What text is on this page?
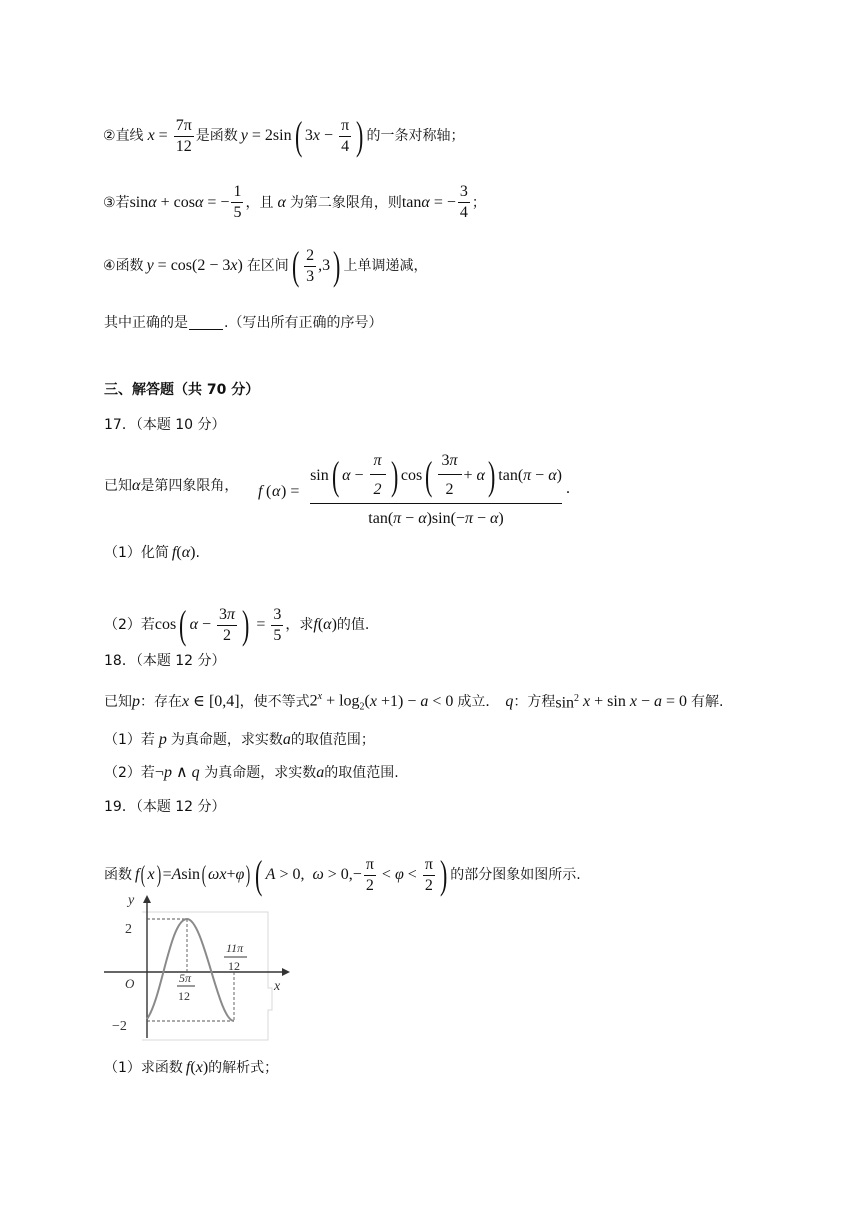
② 直线 $x = \frac{7\pi}{12}$ 是函数 y = 2sin ( 3 $x - \frac{\pi}{4}$ ) 的一条对称轴；
③ 若 sin α + cos α = − $\frac{1}{5}$ ，且 α 为第二象限角，则 tan α = − $\frac{3}{4}$ ；
④ 函数 y = cos(2 − 3 x ) 在区间 ( $\frac{2}{3} ,3$ ) 上单调递减，
其中正确的是	.（写出所有正确的序号）
三、解答题（共 70 分）
17．（本题 10 分）
已知 α 是第四象限角， f ( α ) = $\frac{\sin ( \alpha - \frac{\pi}{2} ) \cos ( \frac{3 \pi}{2} + \alpha ) \tan( \pi - \alpha )}{\tan(\pi - \alpha)\sin(-\pi - \alpha)}$ .
（1）化简 f ( α ) .
（2）若 cos ( $\alpha - \frac{3\pi}{2}$ ) = $\frac{3}{5}$ ，求 f ( α ) 的值.
18．（本题 12 分）
已知 p ：存在 x ∈ [0,4] ，使不等式 $2^x + \log_2$( x +1) − a < 0 成立． q ：方程 $\sin^2 x + \sin x - a = 0$ 有解.
（1）若 p 为真命题，求实数 a 的取值范围；
（2）若 ¬ p ∧ q
为真命题，求实数 a 的取值范围.
19．（本题 12 分）
函数 f ( x ) = A sin ( ωx + φ ) ( A > 0, $\omega > 0,- \frac{\pi}{2} < \varphi < \frac{\pi}{2}$ ) 的部分图象如图所示.
y
x
O
2
−2
5π
12
11π
12
（1）求函数 f ( x ) 的解析式；
